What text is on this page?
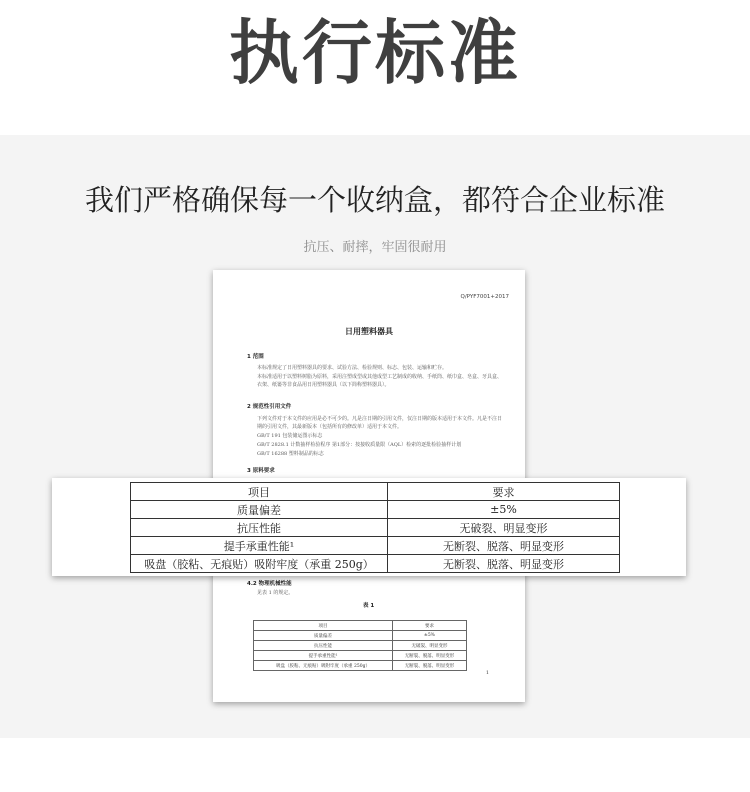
执行标准
我们严格确保每一个收纳盒，都符合企业标准
抗压、耐摔，牢固很耐用
Q/PYF7001+2017
日用塑料器具
1 范围
本标准规定了日用塑料器具的要求、试验方法、检验规则、标志、包装、运输和贮存。
本标准适用于以塑料树脂为原料，采用注塑成型或其他成型工艺制成的收纳、手纸筒、纸巾盒、皂盒、牙具盒、衣架、纸篓等非食品用日用塑料器具（以下简称塑料器具）。
2 规范性引用文件
下列文件对于本文件的应用是必不可少的。凡是注日期的引用文件，仅注日期的版本适用于本文件。凡是不注日期的引用文件，其最新版本（包括所有的修改单）适用于本文件。
GB/T 191 包装储运图示标志
GB/T 2828.1 计数抽样检验程序 第1部分：按接收质量限（AQL）检索的逐批检验抽样计划
GB/T 16288 塑料制品的标志
3 原料要求
4.2 物理机械性能
见表 1 的规定。
表 1
项目	要求
质量偏差	±5%
抗压性能	无破裂、明显变形
提手承重性能¹	无断裂、脱落、明显变形
吸盘（胶粘、无痕贴）吸附牢度（承重 250g）	无断裂、脱落、明显变形
1
项目	要求
质量偏差	±5%
抗压性能	无破裂、明显变形
提手承重性能¹	无断裂、脱落、明显变形
吸盘（胶粘、无痕贴）吸附牢度（承重 250g）	无断裂、脱落、明显变形
